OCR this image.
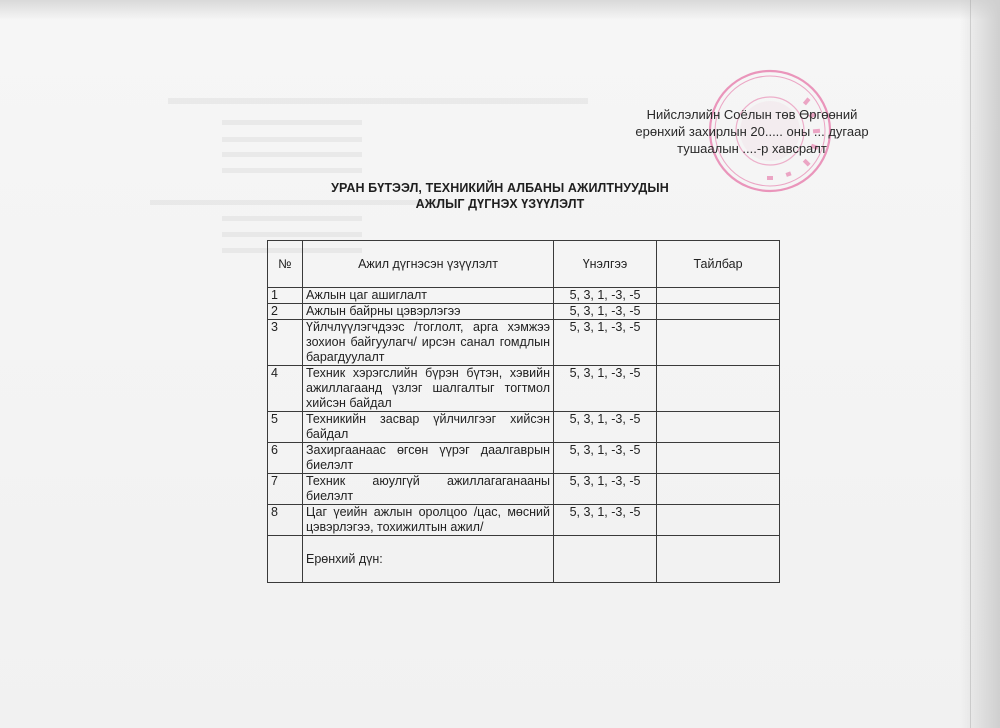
Нийслэлийн Соёлын төв Өргөөний
ерөнхий захирлын 20..... оны ... дугаар
тушаалын ....-р хавсралт
УРАН БҮТЭЭЛ, ТЕХНИКИЙН АЛБАНЫ АЖИЛТНУУДЫН
АЖЛЫГ ДҮГНЭХ ҮЗҮҮЛЭЛТ
№	Ажил дүгнэсэн үзүүлэлт	Үнэлгээ	Тайлбар
1	Ажлын цаг ашиглалт	5, 3, 1, -3, -5	
2	Ажлын байрны цэвэрлэгээ	5, 3, 1, -3, -5	
3	Үйлчлүүлэгчдээс /тоглолт, арга хэмжээ зохион байгуулагч/ ирсэн санал гомдлын барагдуулалт	5, 3, 1, -3, -5	
4	Техник хэрэгслийн бүрэн бүтэн, хэвийн ажиллагаанд үзлэг шалгалтыг тогтмол хийсэн байдал	5, 3, 1, -3, -5	
5	Техникийн засвар үйлчилгээг хийсэн байдал	5, 3, 1, -3, -5	
6	Захиргаанаас өгсөн үүрэг даалгаврын биелэлт	5, 3, 1, -3, -5	
7	Техник аюулгүй ажиллагаганааны биелэлт	5, 3, 1, -3, -5	
8	Цаг үеийн ажлын оролцоо /цас, мөсний цэвэрлэгээ, тохижилтын ажил/	5, 3, 1, -3, -5	
	Ерөнхий дүн:		
